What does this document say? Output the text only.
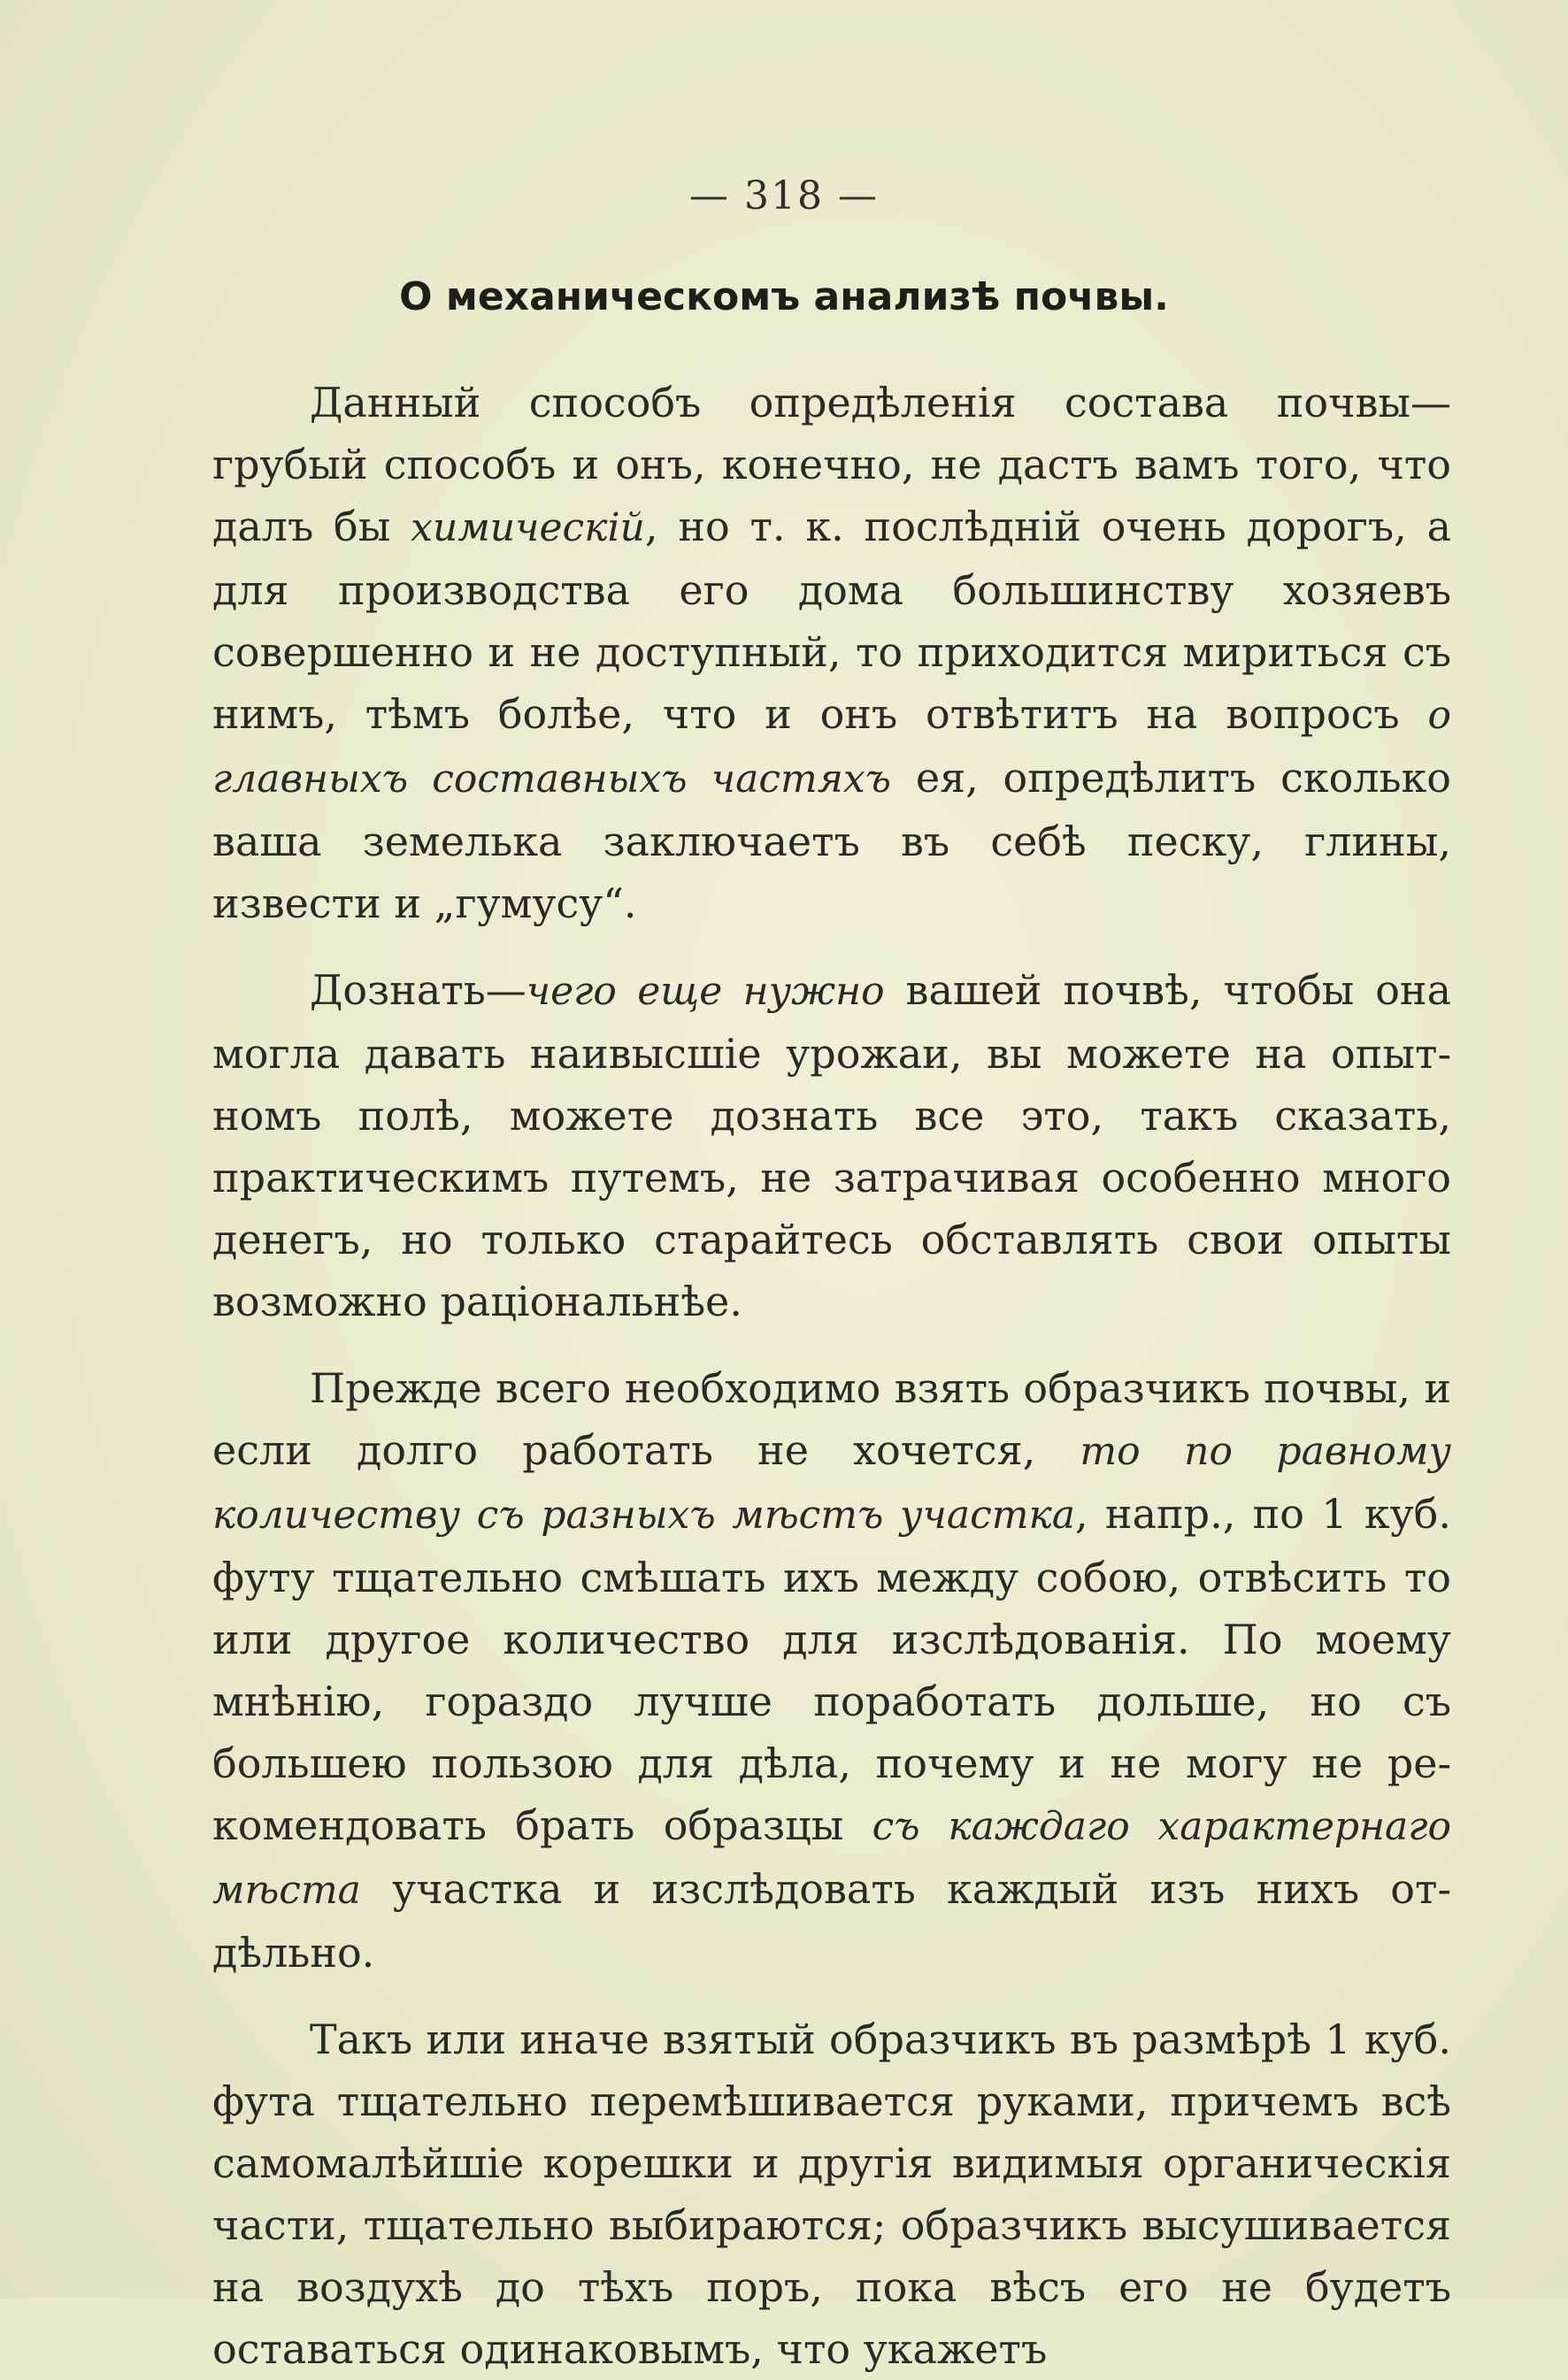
— 318 —
О механическомъ анализѣ почвы.

Данный способъ опредѣленія состава почвы— грубый способъ и онъ, конечно, не дастъ вамъ того, что далъ бы химическій, но т. к. послѣдній очень дорогъ, а для производства его дома большинству хозяевъ совершенно и не доступный, то приходится мириться съ нимъ, тѣмъ болѣе, что и онъ отвѣтитъ на вопросъ о главныхъ составныхъ частяхъ ея, опредѣлитъ сколько ваша земелька заключаетъ въ себѣ песку, глины, извести и „гумусу“.

Дознать—чего еще нужно вашей почвѣ, чтобы она могла давать наивысшіе урожаи, вы можете на опытномъ полѣ, можете дознать все это, такъ сказать, практическимъ путемъ, не затрачивая особенно много денегъ, но только старайтесь обставлять свои опыты возможно раціональнѣе.

Прежде всего необходимо взять образчикъ почвы, и если долго работать не хочется, то по равному количеству съ разныхъ мѣстъ участка, напр., по 1 куб. футу тщательно смѣшать ихъ между собою, отвѣсить то или другое количество для изслѣдованія. По моему мнѣнію, гораздо лучше поработать дольше, но съ большею пользою для дѣла, почему и не могу не рекомендовать брать образцы съ каждаго характернаго мѣста участка и изслѣдовать каждый изъ нихъ отдѣльно.

Такъ или иначе взятый образчикъ въ размѣрѣ 1 куб. фута тщательно перемѣшивается руками, причемъ всѣ самомалѣйшіе корешки и другія видимыя органическія части, тщательно выбираются; образчикъ высушивается на воздухѣ до тѣхъ поръ, пока вѣсъ его не будетъ оставаться одинаковымъ, что укажетъ
